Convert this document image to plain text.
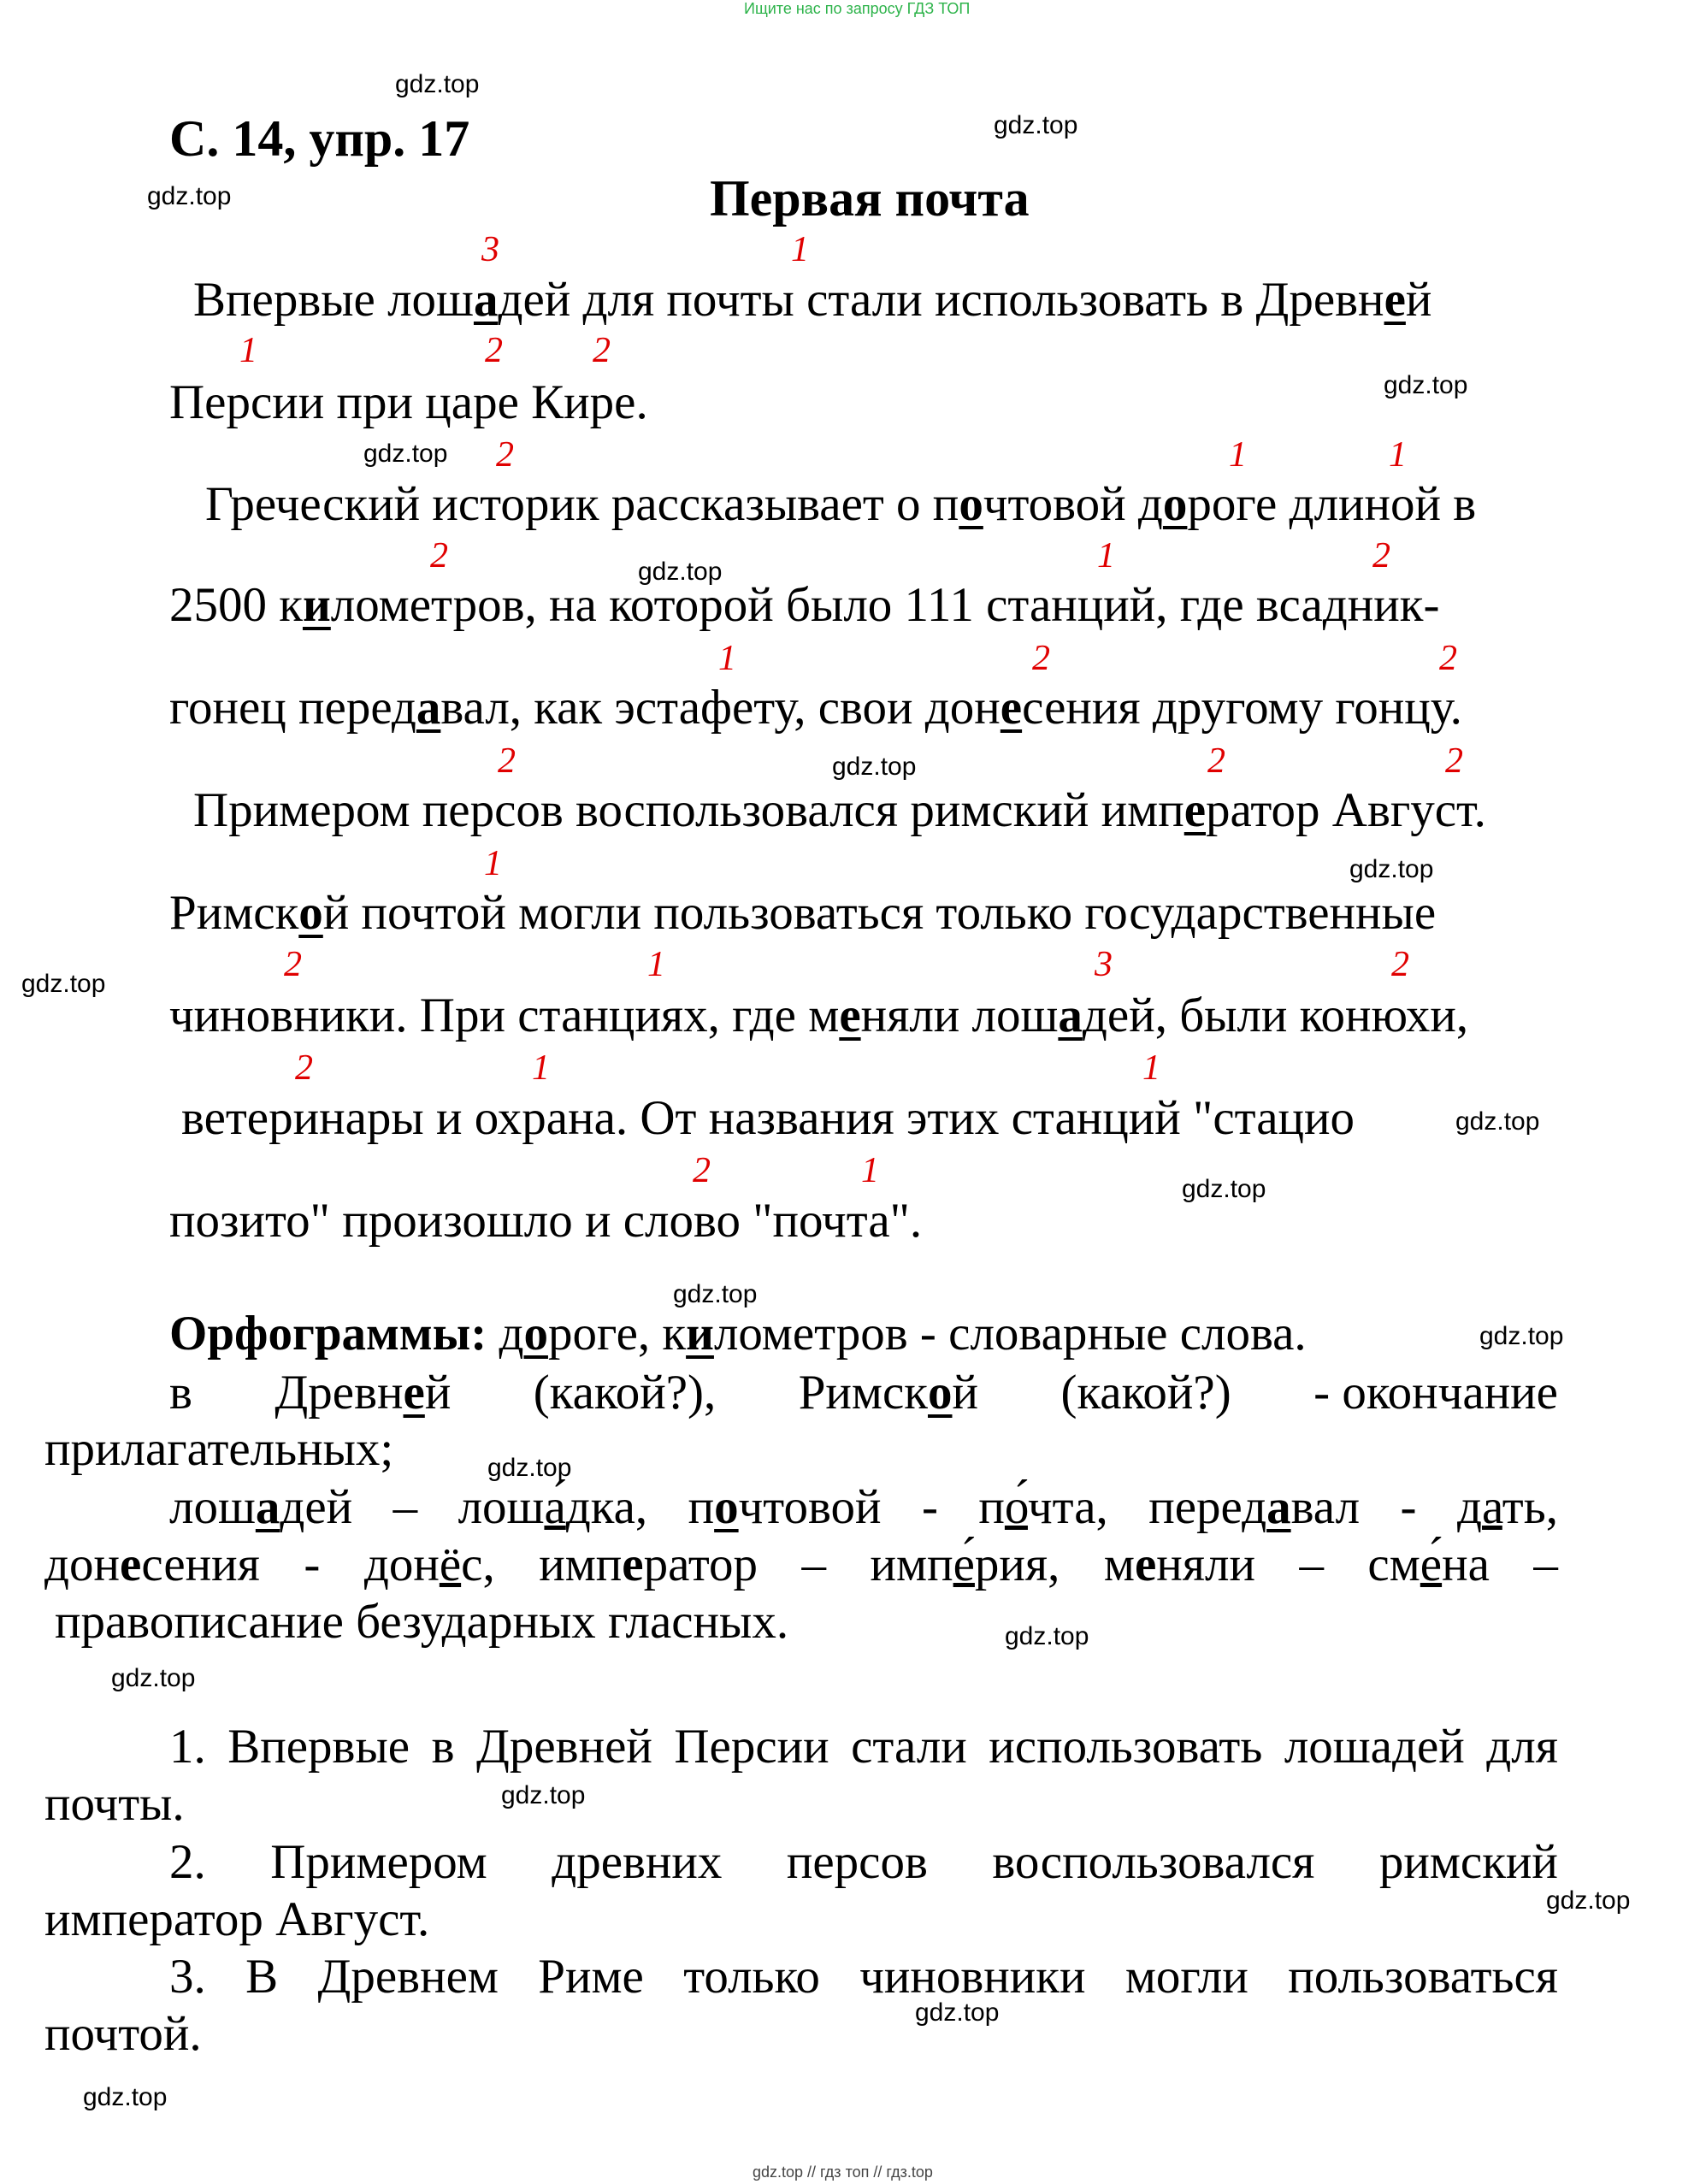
Ищите нас по запросу ГДЗ ТОП
gdz.top // гдз топ // гдз.top
gdz.top
gdz.top
gdz.top
gdz.top
gdz.top
gdz.top
gdz.top
gdz.top
gdz.top
gdz.top
gdz.top
gdz.top
gdz.top
gdz.top
gdz.top
gdz.top
gdz.top
gdz.top
gdz.top
gdz.top
С. 14, упр. 17
Первая почта
3	1
Впервые лошадей для почты стали использовать в Древней
1	2	2
Персии при царе Кире.
2	1	1
Греческий историк рассказывает о почтовой дороге длиной в
2	1	2
2500 километров, на которой было 111 станций, где всадник-
1	2	2
гонец передавал, как эстафету, свои донесения другому гонцу.
2	2	2
Примером персов воспользовался римский император Август.
1
Римской почтой могли пользоваться только государственные
2	1	3	2
чиновники. При станциях, где меняли лошадей, были конюхи,
2	1	1
ветеринары и охрана. От названия этих станций "стацио
2	1
позито" произошло и слово "почта".
Орфограммы: дороге, километров - словарные слова.
в Древней (какой?), Римской (какой?) - окончание
прилагательных;
лошадей – лоша́дка, почтовой - по́чта, передавал - дать,
донесения - донёс, император – импе́рия, меняли – сме́на –
правописание безударных гласных.
1. Впервые в Древней Персии стали использовать лошадей для
почты.
2. Примером древних персов воспользовался римский
император Август.
3. В Древнем Риме только чиновники могли пользоваться
почтой.
